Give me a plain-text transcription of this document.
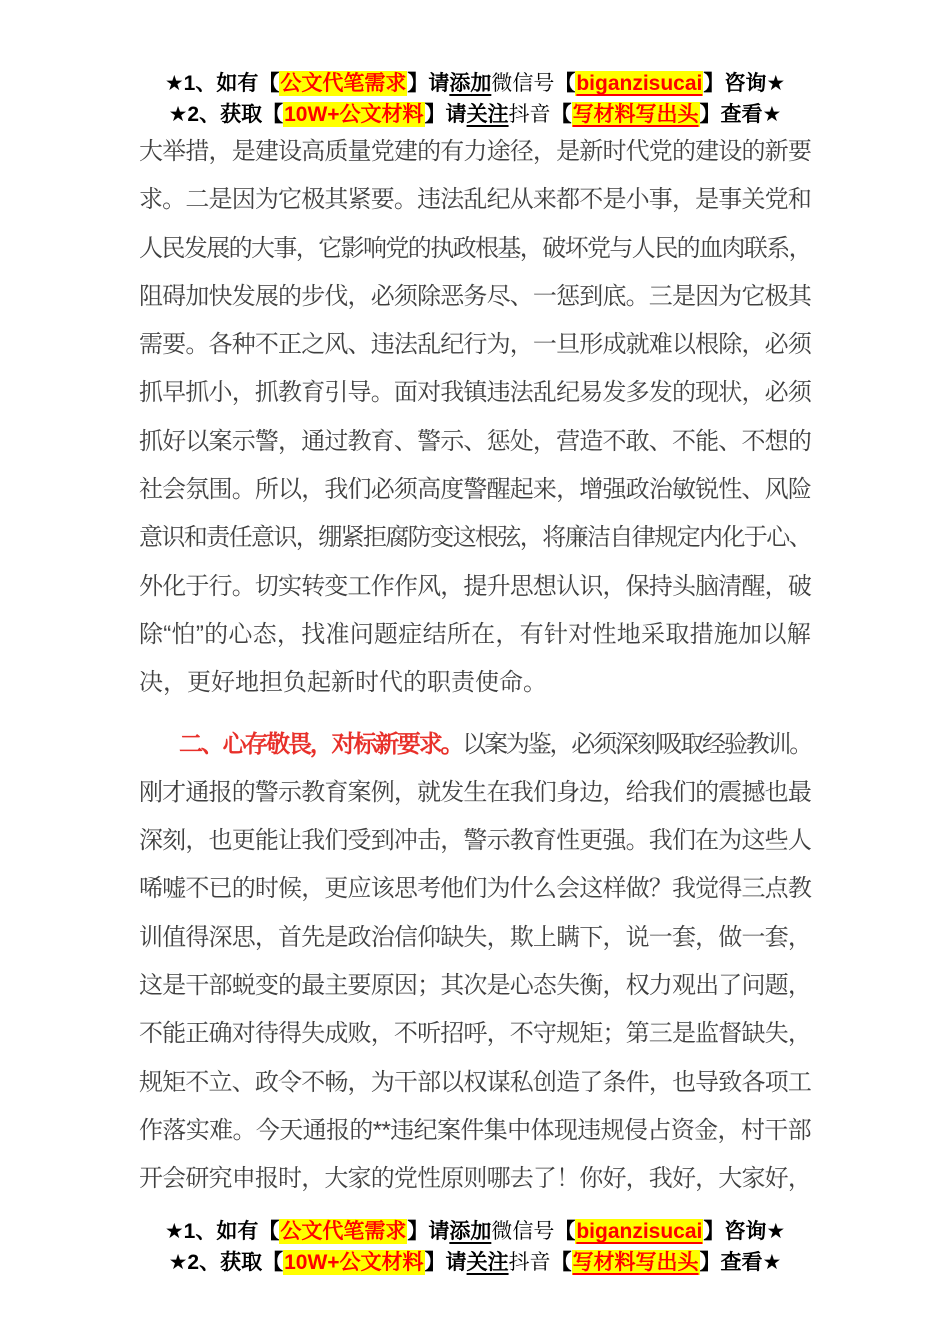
★1、如有【公文代笔需求】请添加微信号【biganzisucai】咨询★
★2、获取【10W+公文材料】请关注抖音【写材料写出头】查看★
大举措，是建设高质量党建的有力途径，是新时代党的建设的新要
求。二是因为它极其紧要。违法乱纪从来都不是小事，是事关党和
人民发展的大事，它影响党的执政根基，破坏党与人民的血肉联系，
阻碍加快发展的步伐，必须除恶务尽、一惩到底。三是因为它极其
需要。各种不正之风、违法乱纪行为，一旦形成就难以根除，必须
抓早抓小，抓教育引导。面对我镇违法乱纪易发多发的现状，必须
抓好以案示警，通过教育、警示、惩处，营造不敢、不能、不想的
社会氛围。所以，我们必须高度警醒起来，增强政治敏锐性、风险
意识和责任意识，绷紧拒腐防变这根弦，将廉洁自律规定内化于心、
外化于行。切实转变工作作风，提升思想认识，保持头脑清醒，破
除“怕”的心态，找准问题症结所在，有针对性地采取措施加以解
决，更好地担负起新时代的职责使命。
二、心存敬畏，对标新要求。以案为鉴，必须深刻吸取经验教训。
刚才通报的警示教育案例，就发生在我们身边，给我们的震撼也最
深刻，也更能让我们受到冲击，警示教育性更强。我们在为这些人
唏嘘不已的时候，更应该思考他们为什么会这样做？我觉得三点教
训值得深思，首先是政治信仰缺失，欺上瞒下，说一套，做一套，
这是干部蜕变的最主要原因；其次是心态失衡，权力观出了问题，
不能正确对待得失成败，不听招呼，不守规矩；第三是监督缺失，
规矩不立、政令不畅，为干部以权谋私创造了条件，也导致各项工
作落实难。今天通报的**违纪案件集中体现违规侵占资金，村干部
开会研究申报时，大家的党性原则哪去了！你好，我好，大家好，
★1、如有【公文代笔需求】请添加微信号【biganzisucai】咨询★
★2、获取【10W+公文材料】请关注抖音【写材料写出头】查看★
